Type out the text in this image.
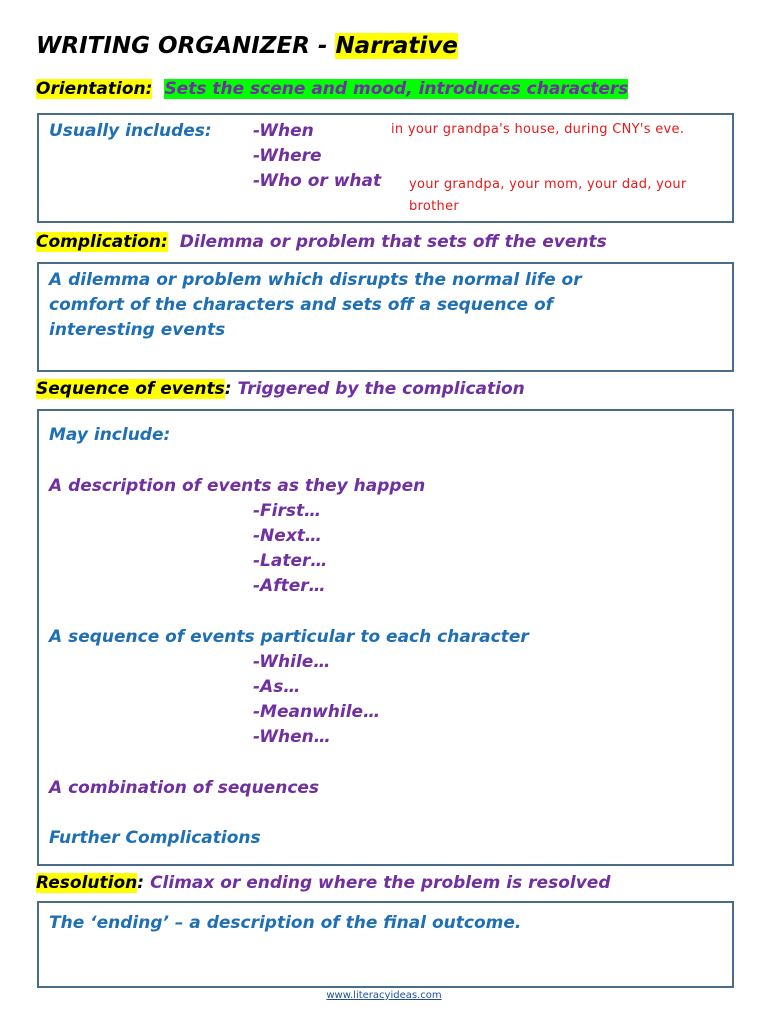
WRITING ORGANIZER - Narrative
Orientation: Sets the scene and mood, introduces characters
Usually includes: -When
-Where
-Who or what
in your grandpa's house, during CNY's eve.
your grandpa, your mom, your dad, your
brother
Complication: Dilemma or problem that sets off the events
A dilemma or problem which disrupts the normal life or
comfort of the characters and sets off a sequence of
interesting events
Sequence of events: Triggered by the complication
May include:
A description of events as they happen
-First…
-Next…
-Later…
-After…
A sequence of events particular to each character
-While…
-As…
-Meanwhile…
-When…
A combination of sequences
Further Complications
Resolution: Climax or ending where the problem is resolved
The ‘ending’ – a description of the final outcome.
www.literacyideas.com
